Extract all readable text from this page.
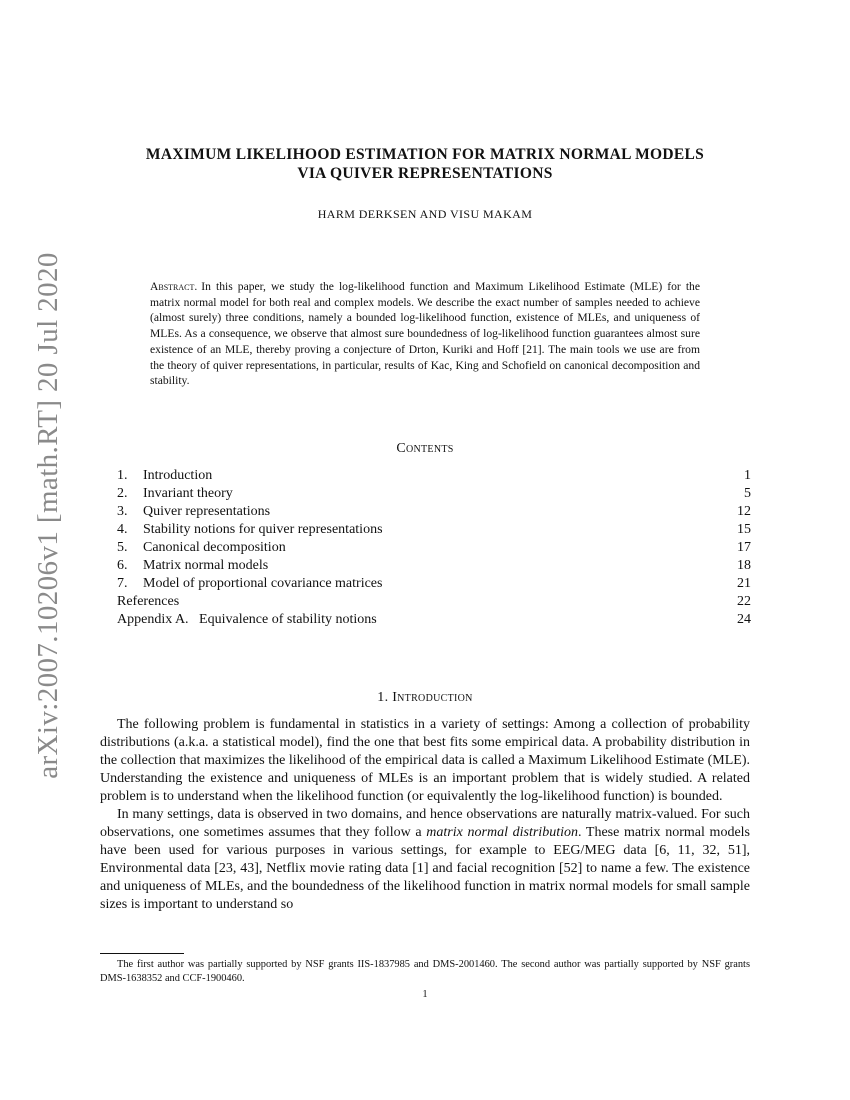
arXiv:2007.10206v1 [math.RT] 20 Jul 2020
MAXIMUM LIKELIHOOD ESTIMATION FOR MATRIX NORMAL MODELS
VIA QUIVER REPRESENTATIONS
HARM DERKSEN AND VISU MAKAM
Abstract. In this paper, we study the log-likelihood function and Maximum Likelihood Estimate (MLE) for the matrix normal model for both real and complex models. We describe the exact number of samples needed to achieve (almost surely) three conditions, namely a bounded log-likelihood function, existence of MLEs, and uniqueness of MLEs. As a consequence, we observe that almost sure boundedness of log-likelihood function guarantees almost sure existence of an MLE, thereby proving a conjecture of Drton, Kuriki and Hoff [21]. The main tools we use are from the theory of quiver representations, in particular, results of Kac, King and Schofield on canonical decomposition and stability.
Contents
1. Introduction	1
2. Invariant theory	5
3. Quiver representations	12
4. Stability notions for quiver representations	15
5. Canonical decomposition	17
6. Matrix normal models	18
7. Model of proportional covariance matrices	21
References	22
Appendix A.   Equivalence of stability notions	24
1. Introduction

The following problem is fundamental in statistics in a variety of settings: Among a collection of probability distributions (a.k.a. a statistical model), find the one that best fits some empirical data. A probability distribution in the collection that maximizes the likelihood of the empirical data is called a Maximum Likelihood Estimate (MLE). Understanding the existence and uniqueness of MLEs is an important problem that is widely studied. A related problem is to understand when the likelihood function (or equivalently the log-likelihood function) is bounded.

In many settings, data is observed in two domains, and hence observations are naturally matrix-valued. For such observations, one sometimes assumes that they follow a matrix normal distribution. These matrix normal models have been used for various purposes in various settings, for example to EEG/MEG data [6, 11, 32, 51], Environmental data [23, 43], Netflix movie rating data [1] and facial recognition [52] to name a few. The existence and uniqueness of MLEs, and the boundedness of the likelihood function in matrix normal models for small sample sizes is important to understand so

The first author was partially supported by NSF grants IIS-1837985 and DMS-2001460. The second author was partially supported by NSF grants DMS-1638352 and CCF-1900460.

1
